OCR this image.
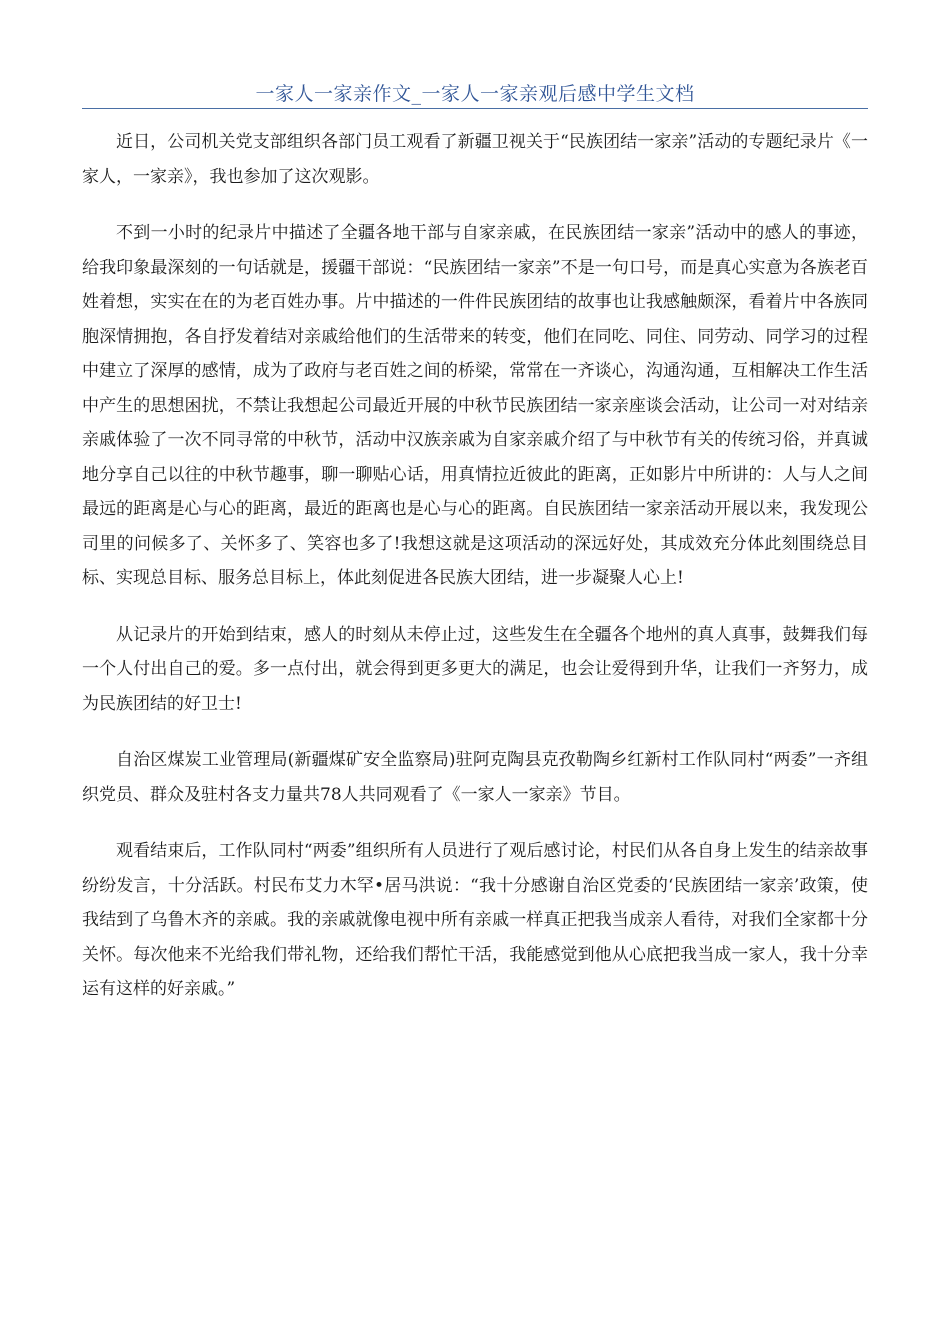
一家人一家亲作文_一家人一家亲观后感中学生文档

近日，公司机关党支部组织各部门员工观看了新疆卫视关于“民族团结一家亲”活动的专题纪录片《一家人，一家亲》，我也参加了这次观影。

不到一小时的纪录片中描述了全疆各地干部与自家亲戚，在民族团结一家亲”活动中的感人的事迹，给我印象最深刻的一句话就是，援疆干部说：“民族团结一家亲”不是一句口号，而是真心实意为各族老百姓着想，实实在在的为老百姓办事。片中描述的一件件民族团结的故事也让我感触颇深，看着片中各族同胞深情拥抱，各自抒发着结对亲戚给他们的生活带来的转变，他们在同吃、同住、同劳动、同学习的过程中建立了深厚的感情，成为了政府与老百姓之间的桥梁，常常在一齐谈心，沟通沟通，互相解决工作生活中产生的思想困扰，不禁让我想起公司最近开展的中秋节民族团结一家亲座谈会活动，让公司一对对结亲亲戚体验了一次不同寻常的中秋节，活动中汉族亲戚为自家亲戚介绍了与中秋节有关的传统习俗，并真诚地分享自己以往的中秋节趣事，聊一聊贴心话，用真情拉近彼此的距离，正如影片中所讲的：人与人之间最远的距离是心与心的距离，最近的距离也是心与心的距离。自民族团结一家亲活动开展以来，我发现公司里的问候多了、关怀多了、笑容也多了!我想这就是这项活动的深远好处，其成效充分体此刻围绕总目标、实现总目标、服务总目标上，体此刻促进各民族大团结，进一步凝聚人心上!

从记录片的开始到结束，感人的时刻从未停止过，这些发生在全疆各个地州的真人真事，鼓舞我们每一个人付出自己的爱。多一点付出，就会得到更多更大的满足，也会让爱得到升华，让我们一齐努力，成为民族团结的好卫士!

自治区煤炭工业管理局(新疆煤矿安全监察局)驻阿克陶县克孜勒陶乡红新村工作队同村“两委”一齐组织党员、群众及驻村各支力量共78人共同观看了《一家人一家亲》节目。

观看结束后，工作队同村“两委”组织所有人员进行了观后感讨论，村民们从各自身上发生的结亲故事纷纷发言，十分活跃。村民布艾力木罕•居马洪说：“我十分感谢自治区党委的‘民族团结一家亲’政策，使我结到了乌鲁木齐的亲戚。我的亲戚就像电视中所有亲戚一样真正把我当成亲人看待，对我们全家都十分关怀。每次他来不光给我们带礼物，还给我们帮忙干活，我能感觉到他从心底把我当成一家人，我十分幸运有这样的好亲戚。”
